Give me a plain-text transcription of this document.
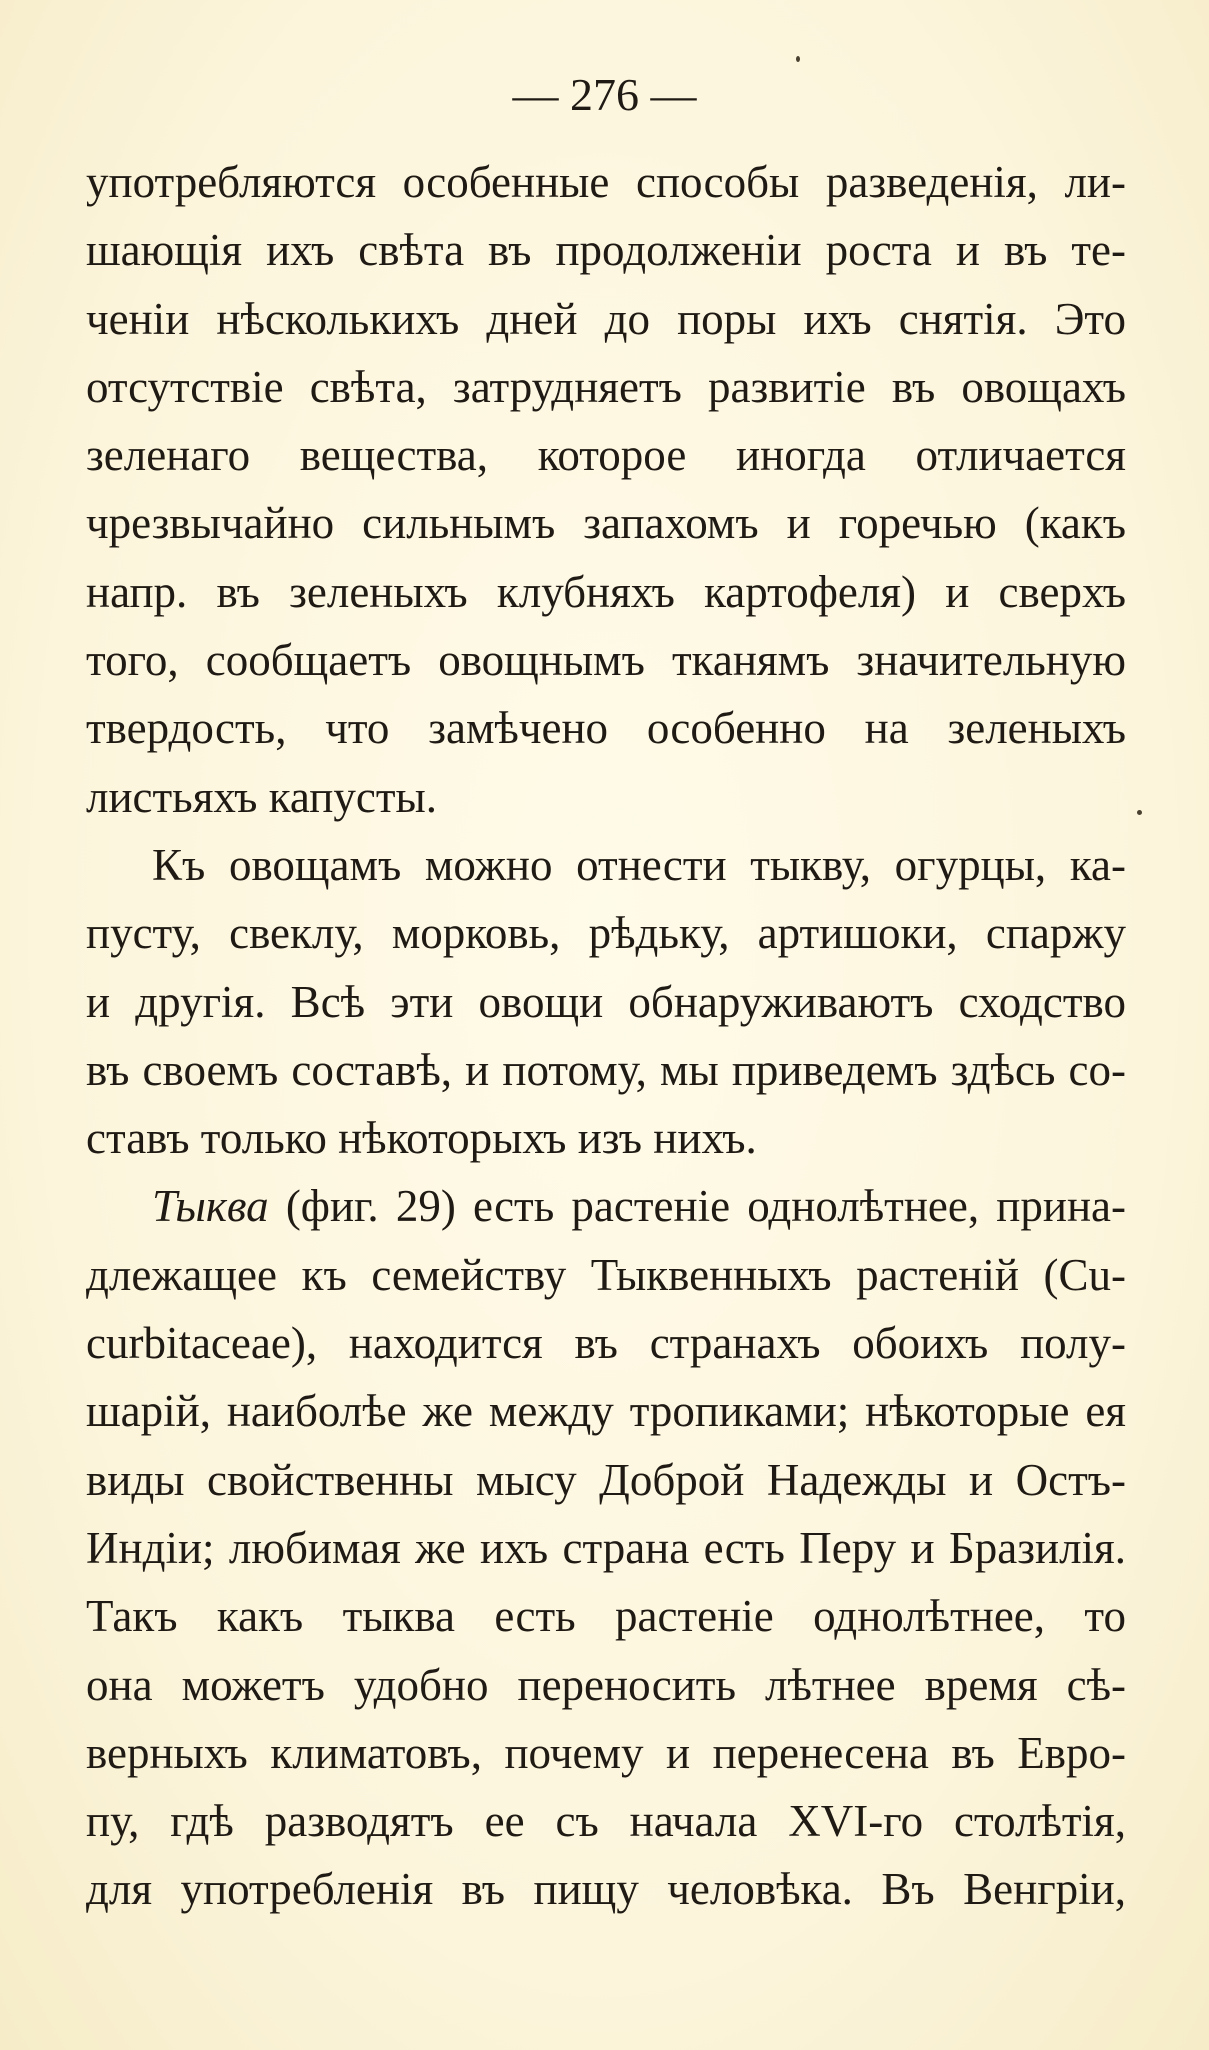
— 276 —
употребляются особенные способы разведенія, ли-
шающія ихъ свѣта въ продолженіи роста и въ те-
ченіи нѣсколькихъ дней до поры ихъ снятія. Это
отсутствіе свѣта, затрудняетъ развитіе въ овощахъ
зеленаго вещества, которое иногда отличается
чрезвычайно сильнымъ запахомъ и горечью (какъ
напр. въ зеленыхъ клубняхъ картофеля) и сверхъ
того, сообщаетъ овощнымъ тканямъ значительную
твердость, что замѣчено особенно на зеленыхъ
листьяхъ капусты.
Къ овощамъ можно отнести тыкву, огурцы, ка-
пусту, свеклу, морковь, рѣдьку, артишоки, спаржу
и другія. Всѣ эти овощи обнаруживаютъ сходство
въ своемъ составѣ, и потому, мы приведемъ здѣсь со-
ставъ только нѣкоторыхъ изъ нихъ.
Тыква (фиг. 29) есть растеніе однолѣтнее, прина-
длежащее къ семейству Тыквенныхъ растеній (Cu-
curbitaceae), находится въ странахъ обоихъ полу-
шарій, наиболѣе же между тропиками; нѣкоторые ея
виды свойственны мысу Доброй Надежды и Остъ-
Индіи; любимая же ихъ страна есть Перу и Бразилія.
Такъ какъ тыква есть растеніе однолѣтнее, то
она можетъ удобно переносить лѣтнее время сѣ-
верныхъ климатовъ, почему и перенесена въ Евро-
пу, гдѣ разводятъ ее съ начала XVI-го столѣтія,
для употребленія въ пищу человѣка. Въ Венгріи,
